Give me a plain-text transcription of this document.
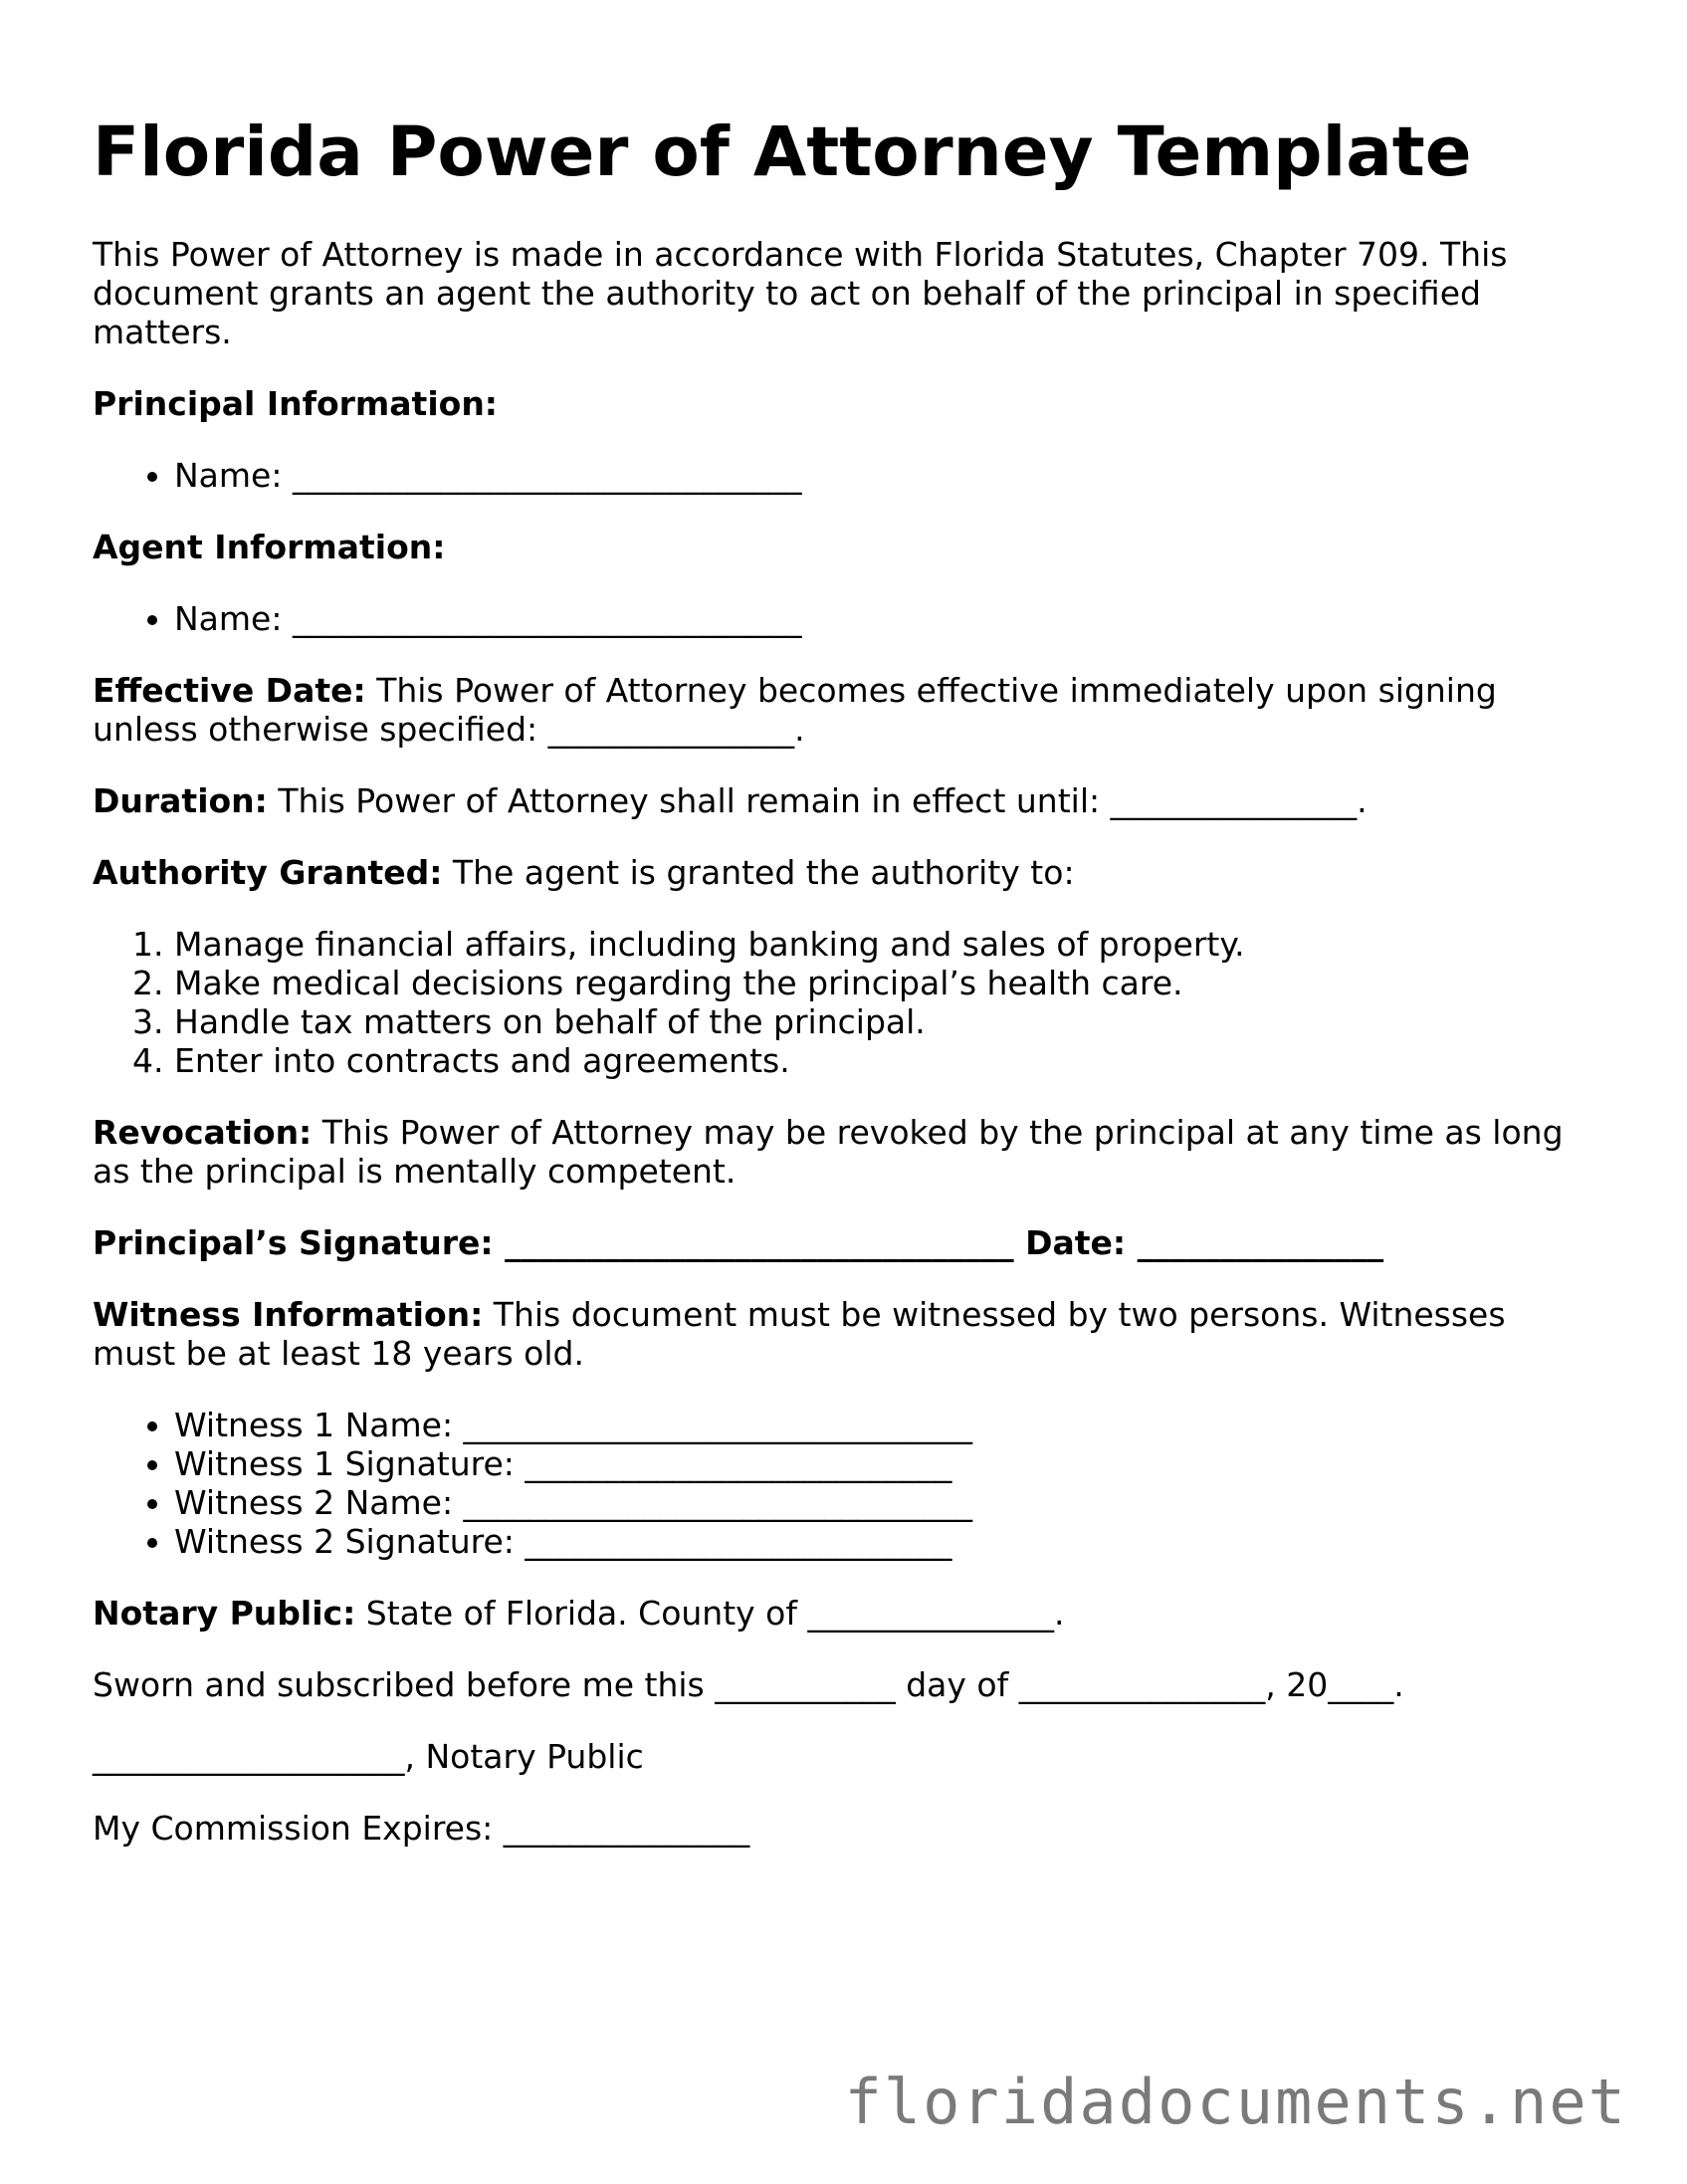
Florida Power of Attorney Template

This Power of Attorney is made in accordance with Florida Statutes, Chapter 709. This document grants an agent the authority to act on behalf of the principal in specified matters.

Principal Information:

• Name: _______________________________

Agent Information:

• Name: _______________________________

Effective Date: This Power of Attorney becomes effective immediately upon signing unless otherwise specified: _______________.

Duration: This Power of Attorney shall remain in effect until: _______________.

Authority Granted: The agent is granted the authority to:

1. Manage financial affairs, including banking and sales of property.
2. Make medical decisions regarding the principal’s health care.
3. Handle tax matters on behalf of the principal.
4. Enter into contracts and agreements.

Revocation: This Power of Attorney may be revoked by the principal at any time as long as the principal is mentally competent.

Principal’s Signature: _______________________________ Date: _______________

Witness Information: This document must be witnessed by two persons. Witnesses must be at least 18 years old.

• Witness 1 Name: _______________________________
• Witness 1 Signature: __________________________
• Witness 2 Name: _______________________________
• Witness 2 Signature: __________________________

Notary Public: State of Florida. County of _______________.

Sworn and subscribed before me this ___________ day of _______________, 20____.

___________________, Notary Public

My Commission Expires: _______________

floridadocuments.net
